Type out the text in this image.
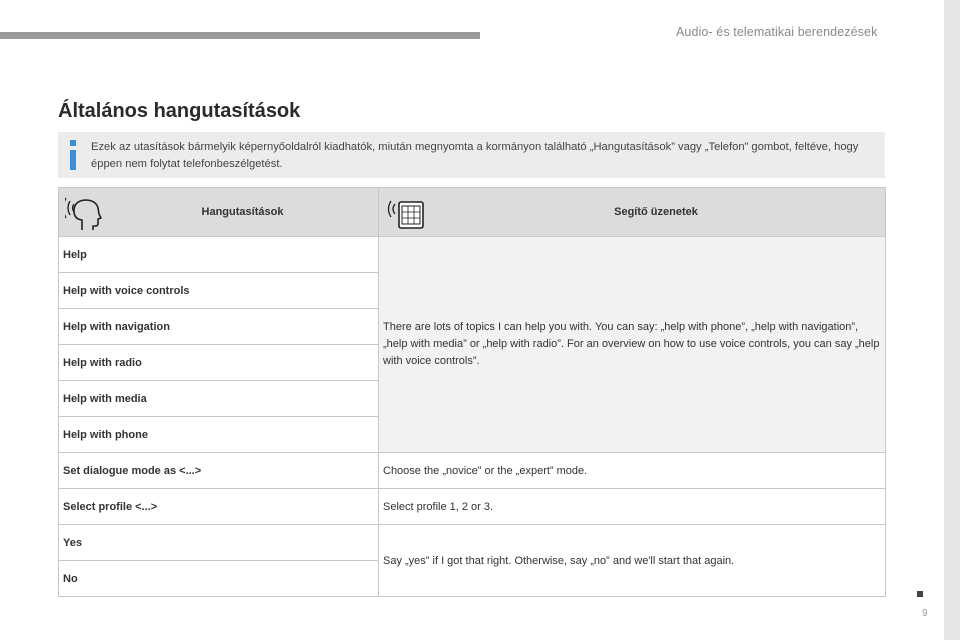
Audio- és telematikai berendezések
9
Általános hangutasítások
Ezek az utasítások bármelyik képernyőoldalról kiadhatók, miután megnyomta a kormányon található „Hangutasítások” vagy „Telefon” gombot, feltéve, hogy éppen nem folytat telefonbeszélgetést.
Hangutasítások	Segítő üzenetek

Help	There are lots of topics I can help you with. You can say: „help with phone”, „help with navigation”, „help with media” or „help with radio”. For an overview on how to use voice controls, you can say „help with voice controls”.
Help with voice controls	
Help with navigation	
Help with radio	
Help with media	
Help with phone	
Set dialogue mode as <...>	Choose the „novice” or the „expert” mode.
Select profile <...>	Select profile 1, 2 or 3.
Yes	Say „yes” if I got that right. Otherwise, say „no” and we'll start that again.
No	
